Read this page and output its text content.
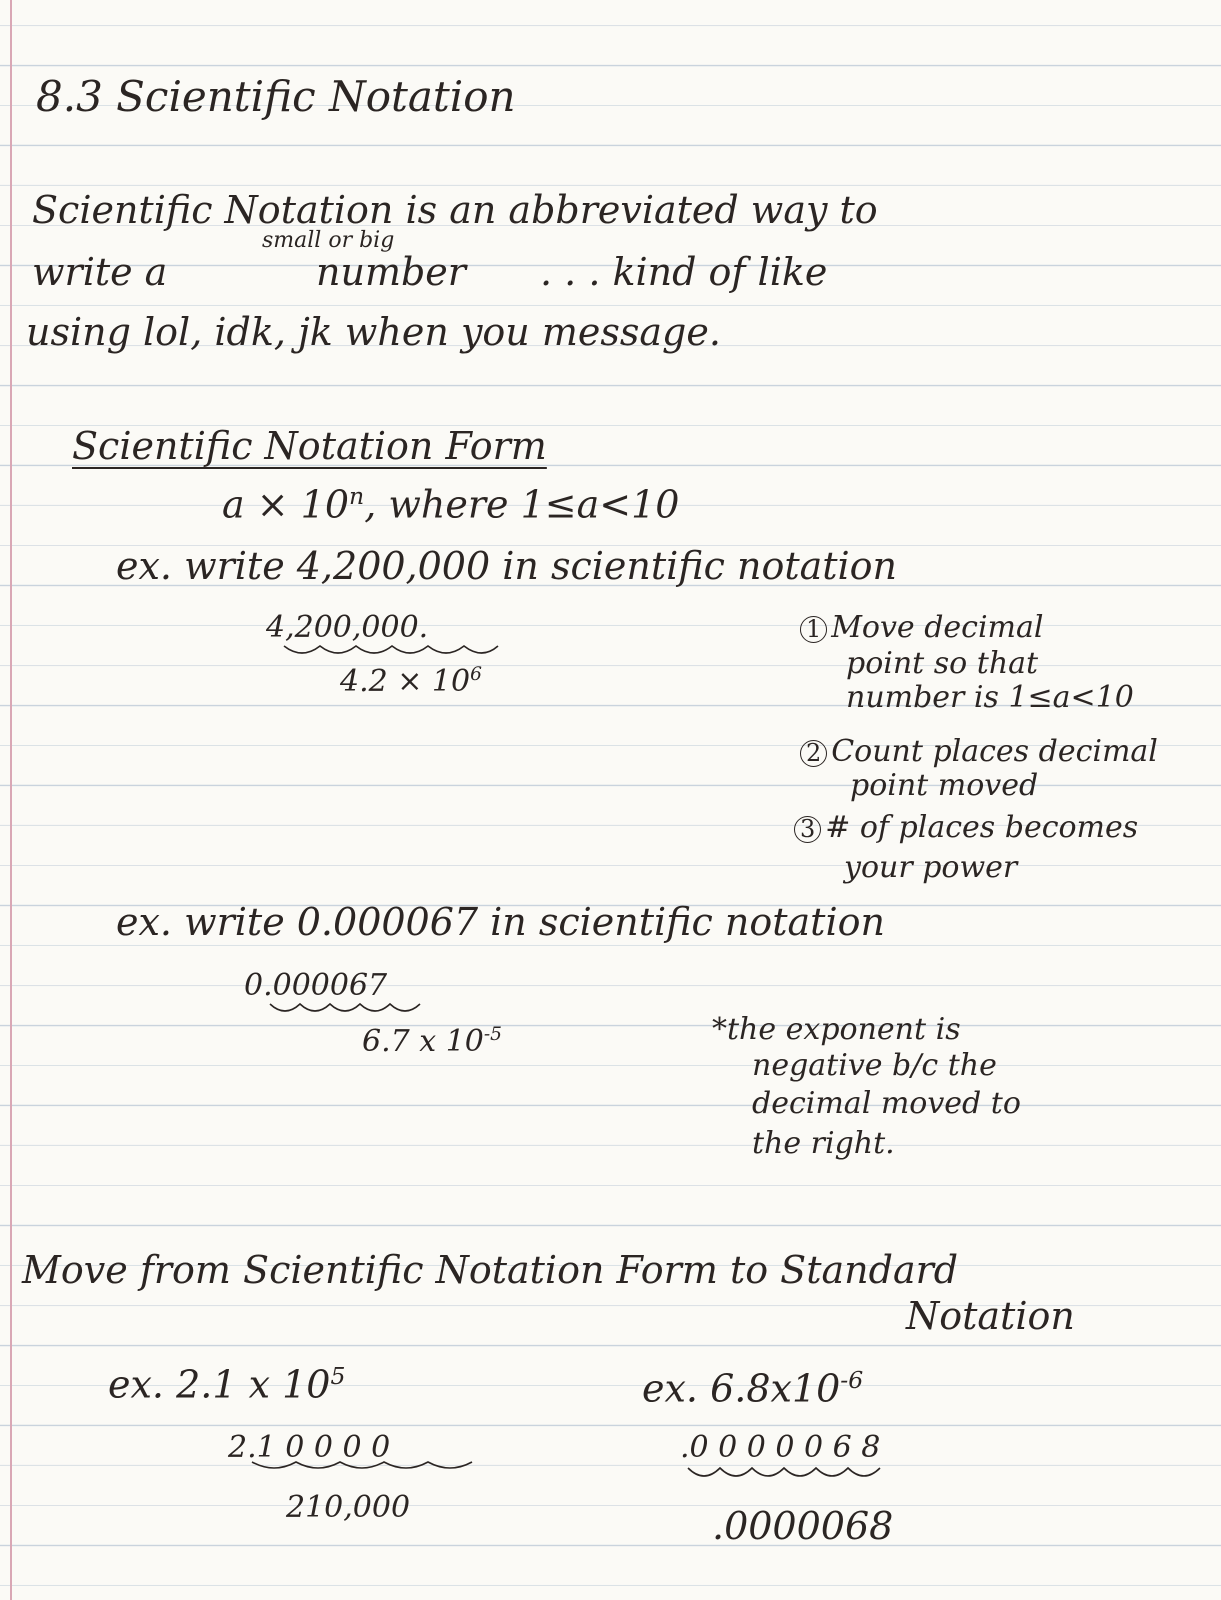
8.3 Scientific Notation
Scientific Notation is an abbreviated way to
write a
small or big
number . . . kind of like
using lol, idk, jk when you message.
Scientific Notation Form
$a \times 10^n$, where 1≤a<10
ex. write 4,200,000 in scientific notation
4,200,000.
$4.2 \times 10^6$
1 Move decimal
point so that
number is 1≤a<10
2 Count places decimal
point moved
3 # of places becomes
your power
ex. write 0.000067 in scientific notation
0.000067
6.7 x $10^{-5}$	*the exponent is
negative b/c the
decimal moved to
the right.
Move from Scientific Notation Form to Standard
Notation
ex. 2.1 x $10^5$
2.1 0 0 0 0
210,000
ex. $6.8x10^{-6}$
.0 0 0 0 0 6 8
.0000068
